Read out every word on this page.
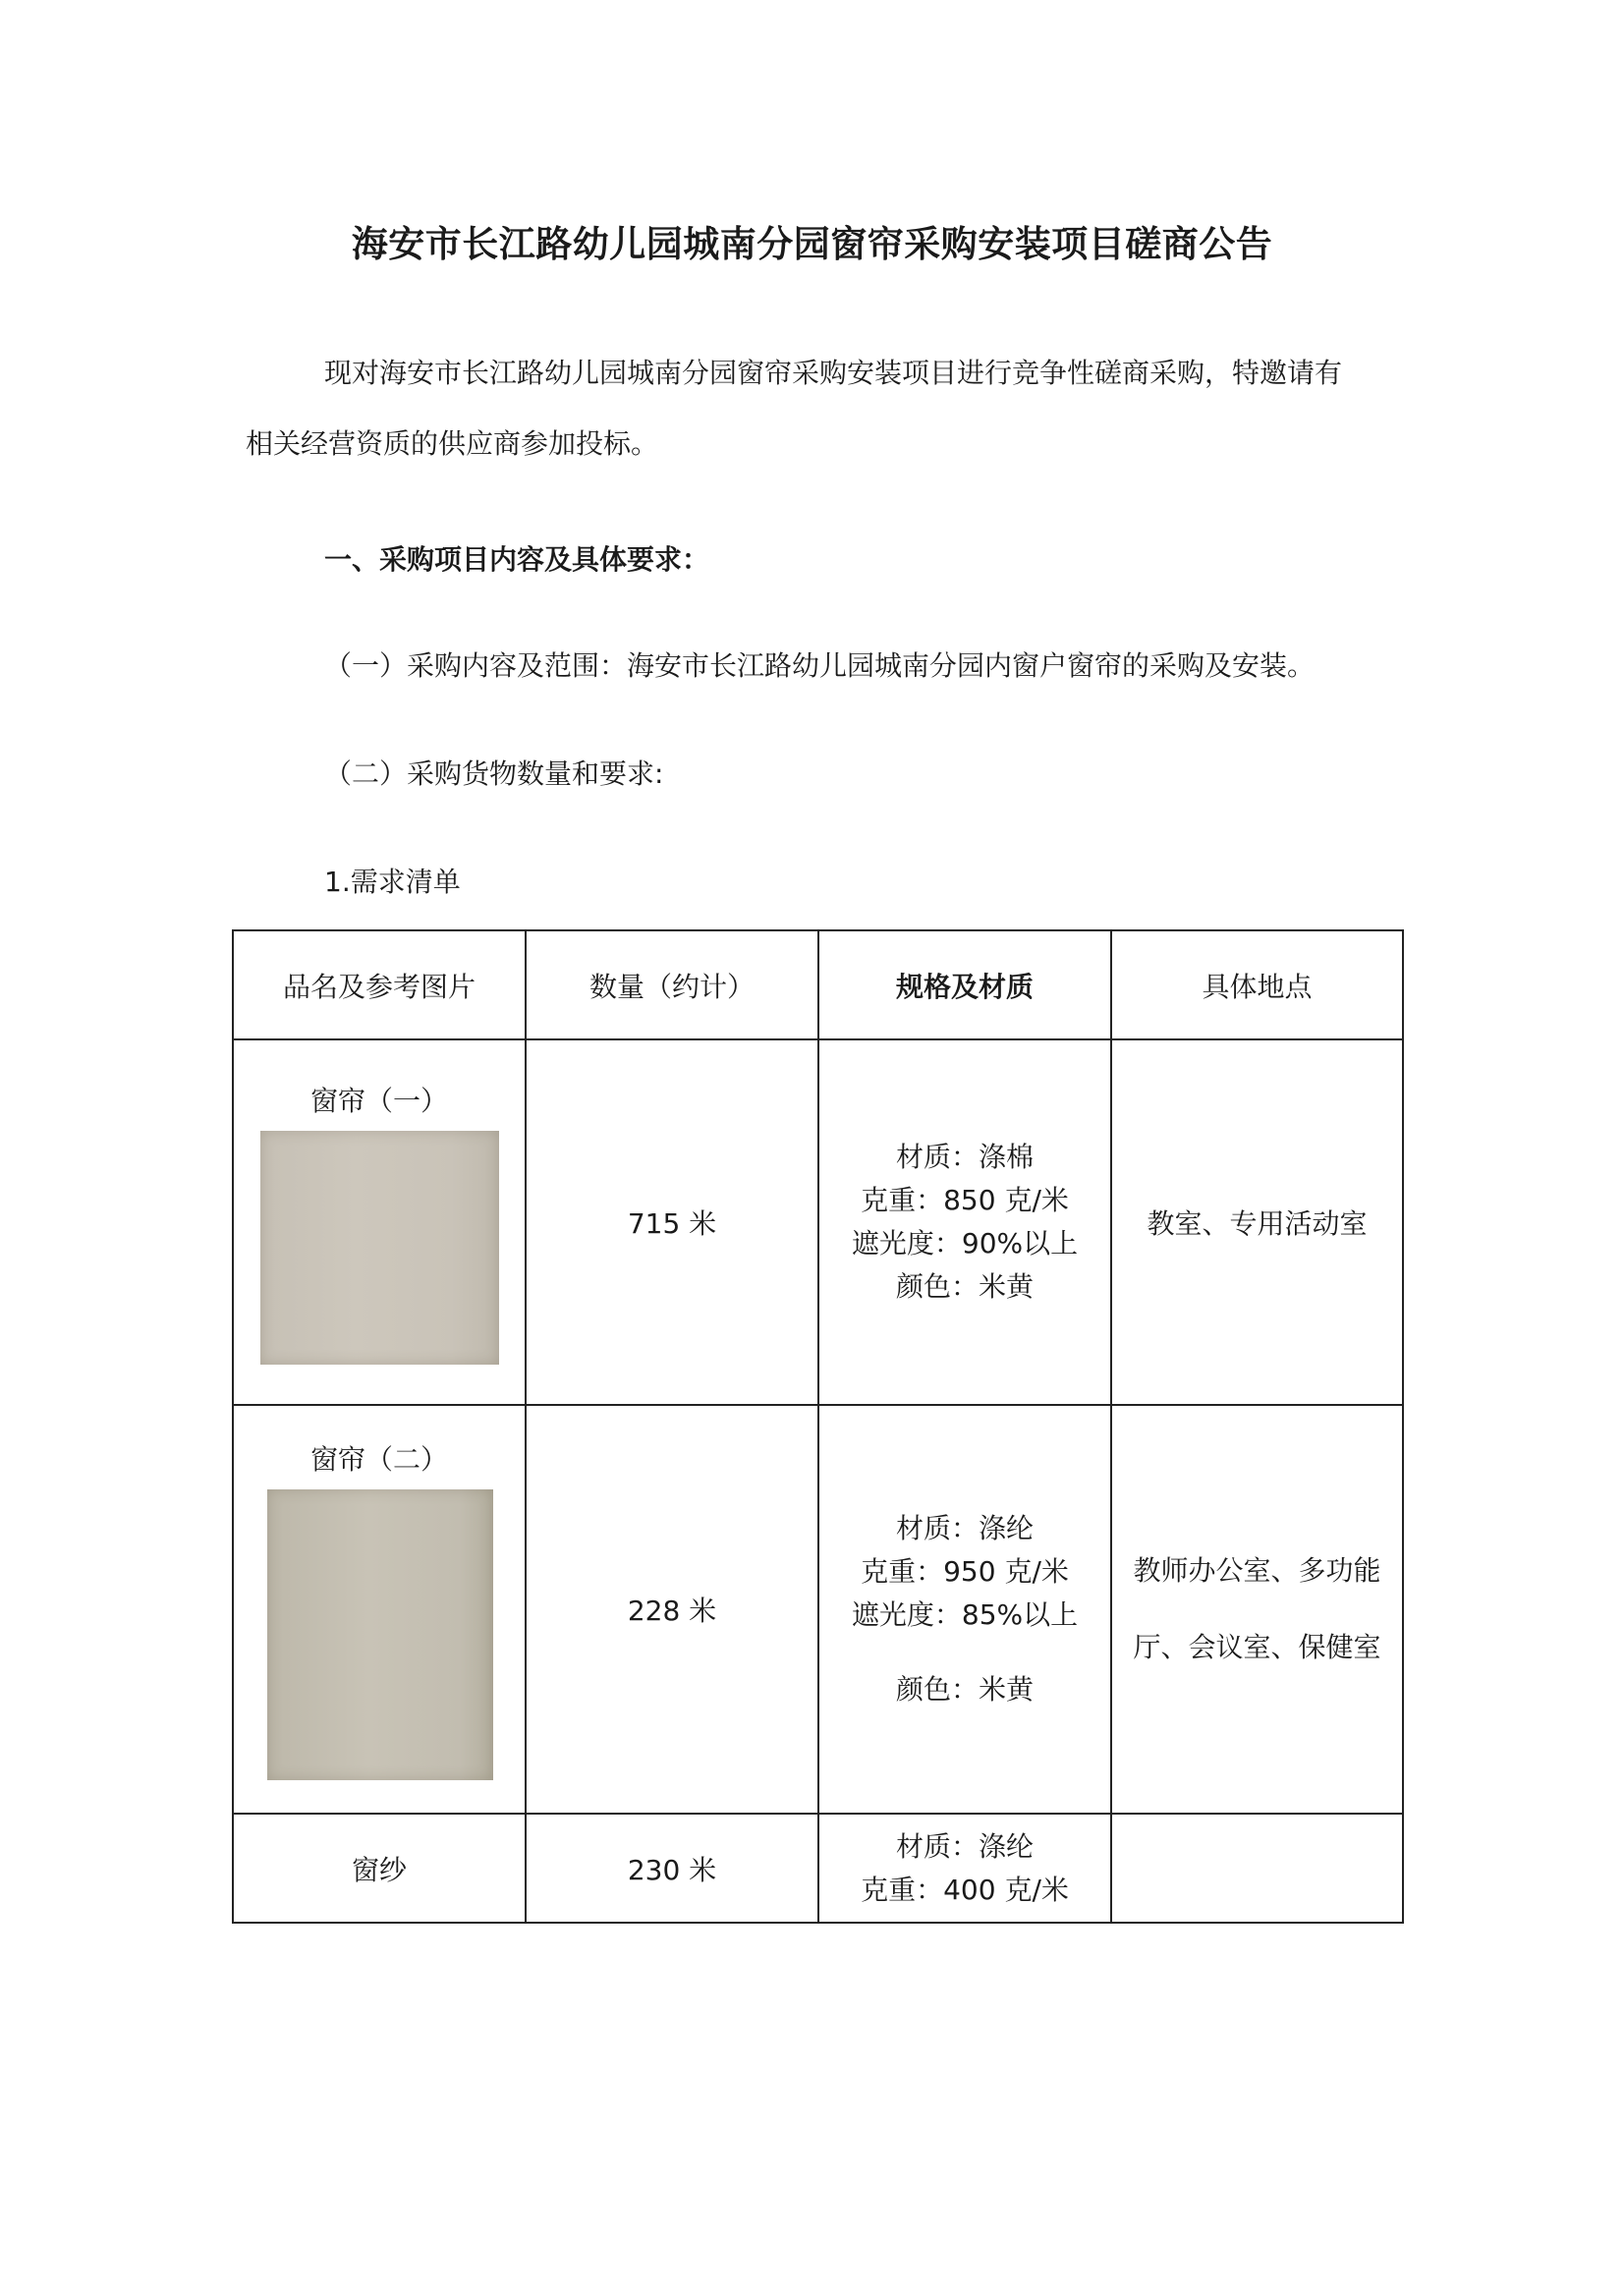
海安市长江路幼儿园城南分园窗帘采购安装项目磋商公告
现对海安市长江路幼儿园城南分园窗帘采购安装项目进行竞争性磋商采购，特邀请有
相关经营资质的供应商参加投标。
一、采购项目内容及具体要求：
（一）采购内容及范围：海安市长江路幼儿园城南分园内窗户窗帘的采购及安装。
（二）采购货物数量和要求:
1.需求清单
品名及参考图片	数量（约计）	规格及材质	具体地点

窗帘（一）	715 米	材质：涤棉
克重：850 克/米
遮光度：90%以上
颜色：米黄	教室、专用活动室

窗帘（二）	228 米	材质：涤纶
克重：950 克/米
遮光度：85%以上
颜色：米黄	教师办公室、多功能
厅、会议室、保健室

窗纱	230 米	材质：涤纶
克重：400 克/米	
